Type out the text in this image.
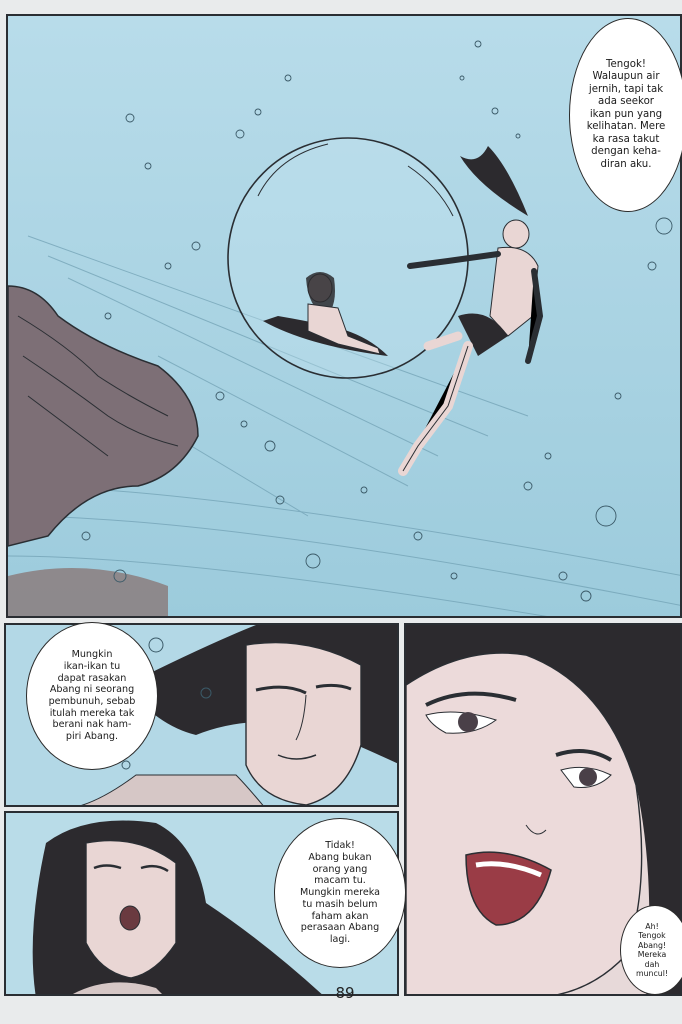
Tengok!
Walaupun air
jernih, tapi tak
ada seekor
ikan pun yang
kelihatan. Mere
ka rasa takut
dengan keha-
diran aku.
Mungkin
ikan-ikan tu
dapat rasakan
Abang ni seorang
pembunuh, sebab
itulah mereka tak
berani nak ham-
piri Abang.
Tidak!
Abang bukan
orang yang
macam tu.
Mungkin mereka
tu masih belum
faham akan
perasaan Abang
lagi.
Ah!
Tengok
Abang!
Mereka
dah
muncul!
89
